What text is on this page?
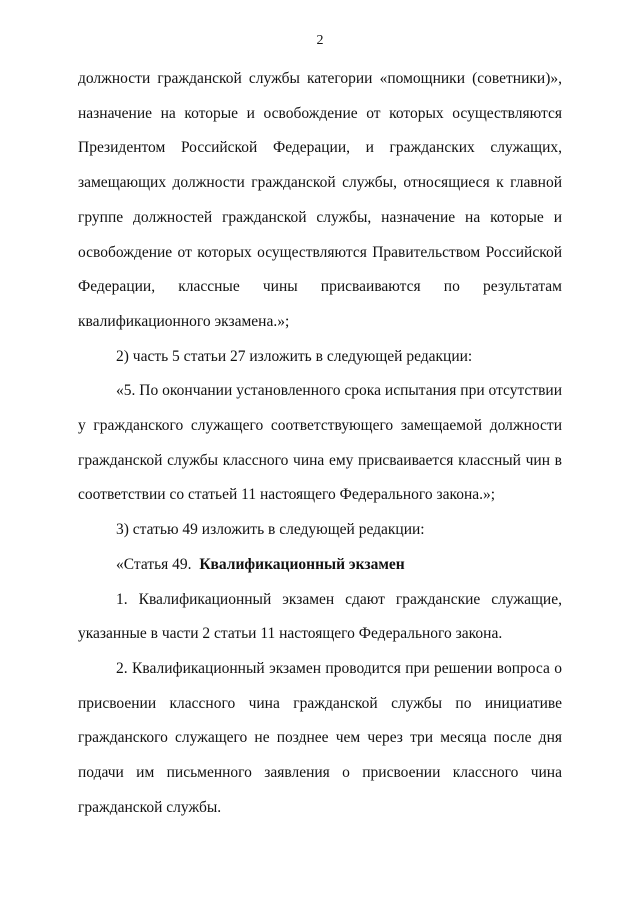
2

должности гражданской службы категории «помощники (советники)», назначение на которые и освобождение от которых осуществляются Президентом Российской Федерации, и гражданских служащих, замещающих должности гражданской службы, относящиеся к главной группе должностей гражданской службы, назначение на которые и освобождение от которых осуществляются Правительством Российской Федерации, классные чины присваиваются по результатам квалификационного экзамена.»;

2) часть 5 статьи 27 изложить в следующей редакции:

«5. По окончании установленного срока испытания при отсутствии у гражданского служащего соответствующего замещаемой должности гражданской службы классного чина ему присваивается классный чин в соответствии со статьей 11 настоящего Федерального закона.»;

3) статью 49 изложить в следующей редакции:

«Статья 49. Квалификационный экзамен

1. Квалификационный экзамен сдают гражданские служащие, указанные в части 2 статьи 11 настоящего Федерального закона.

2. Квалификационный экзамен проводится при решении вопроса о присвоении классного чина гражданской службы по инициативе гражданского служащего не позднее чем через три месяца после дня подачи им письменного заявления о присвоении классного чина гражданской службы.
